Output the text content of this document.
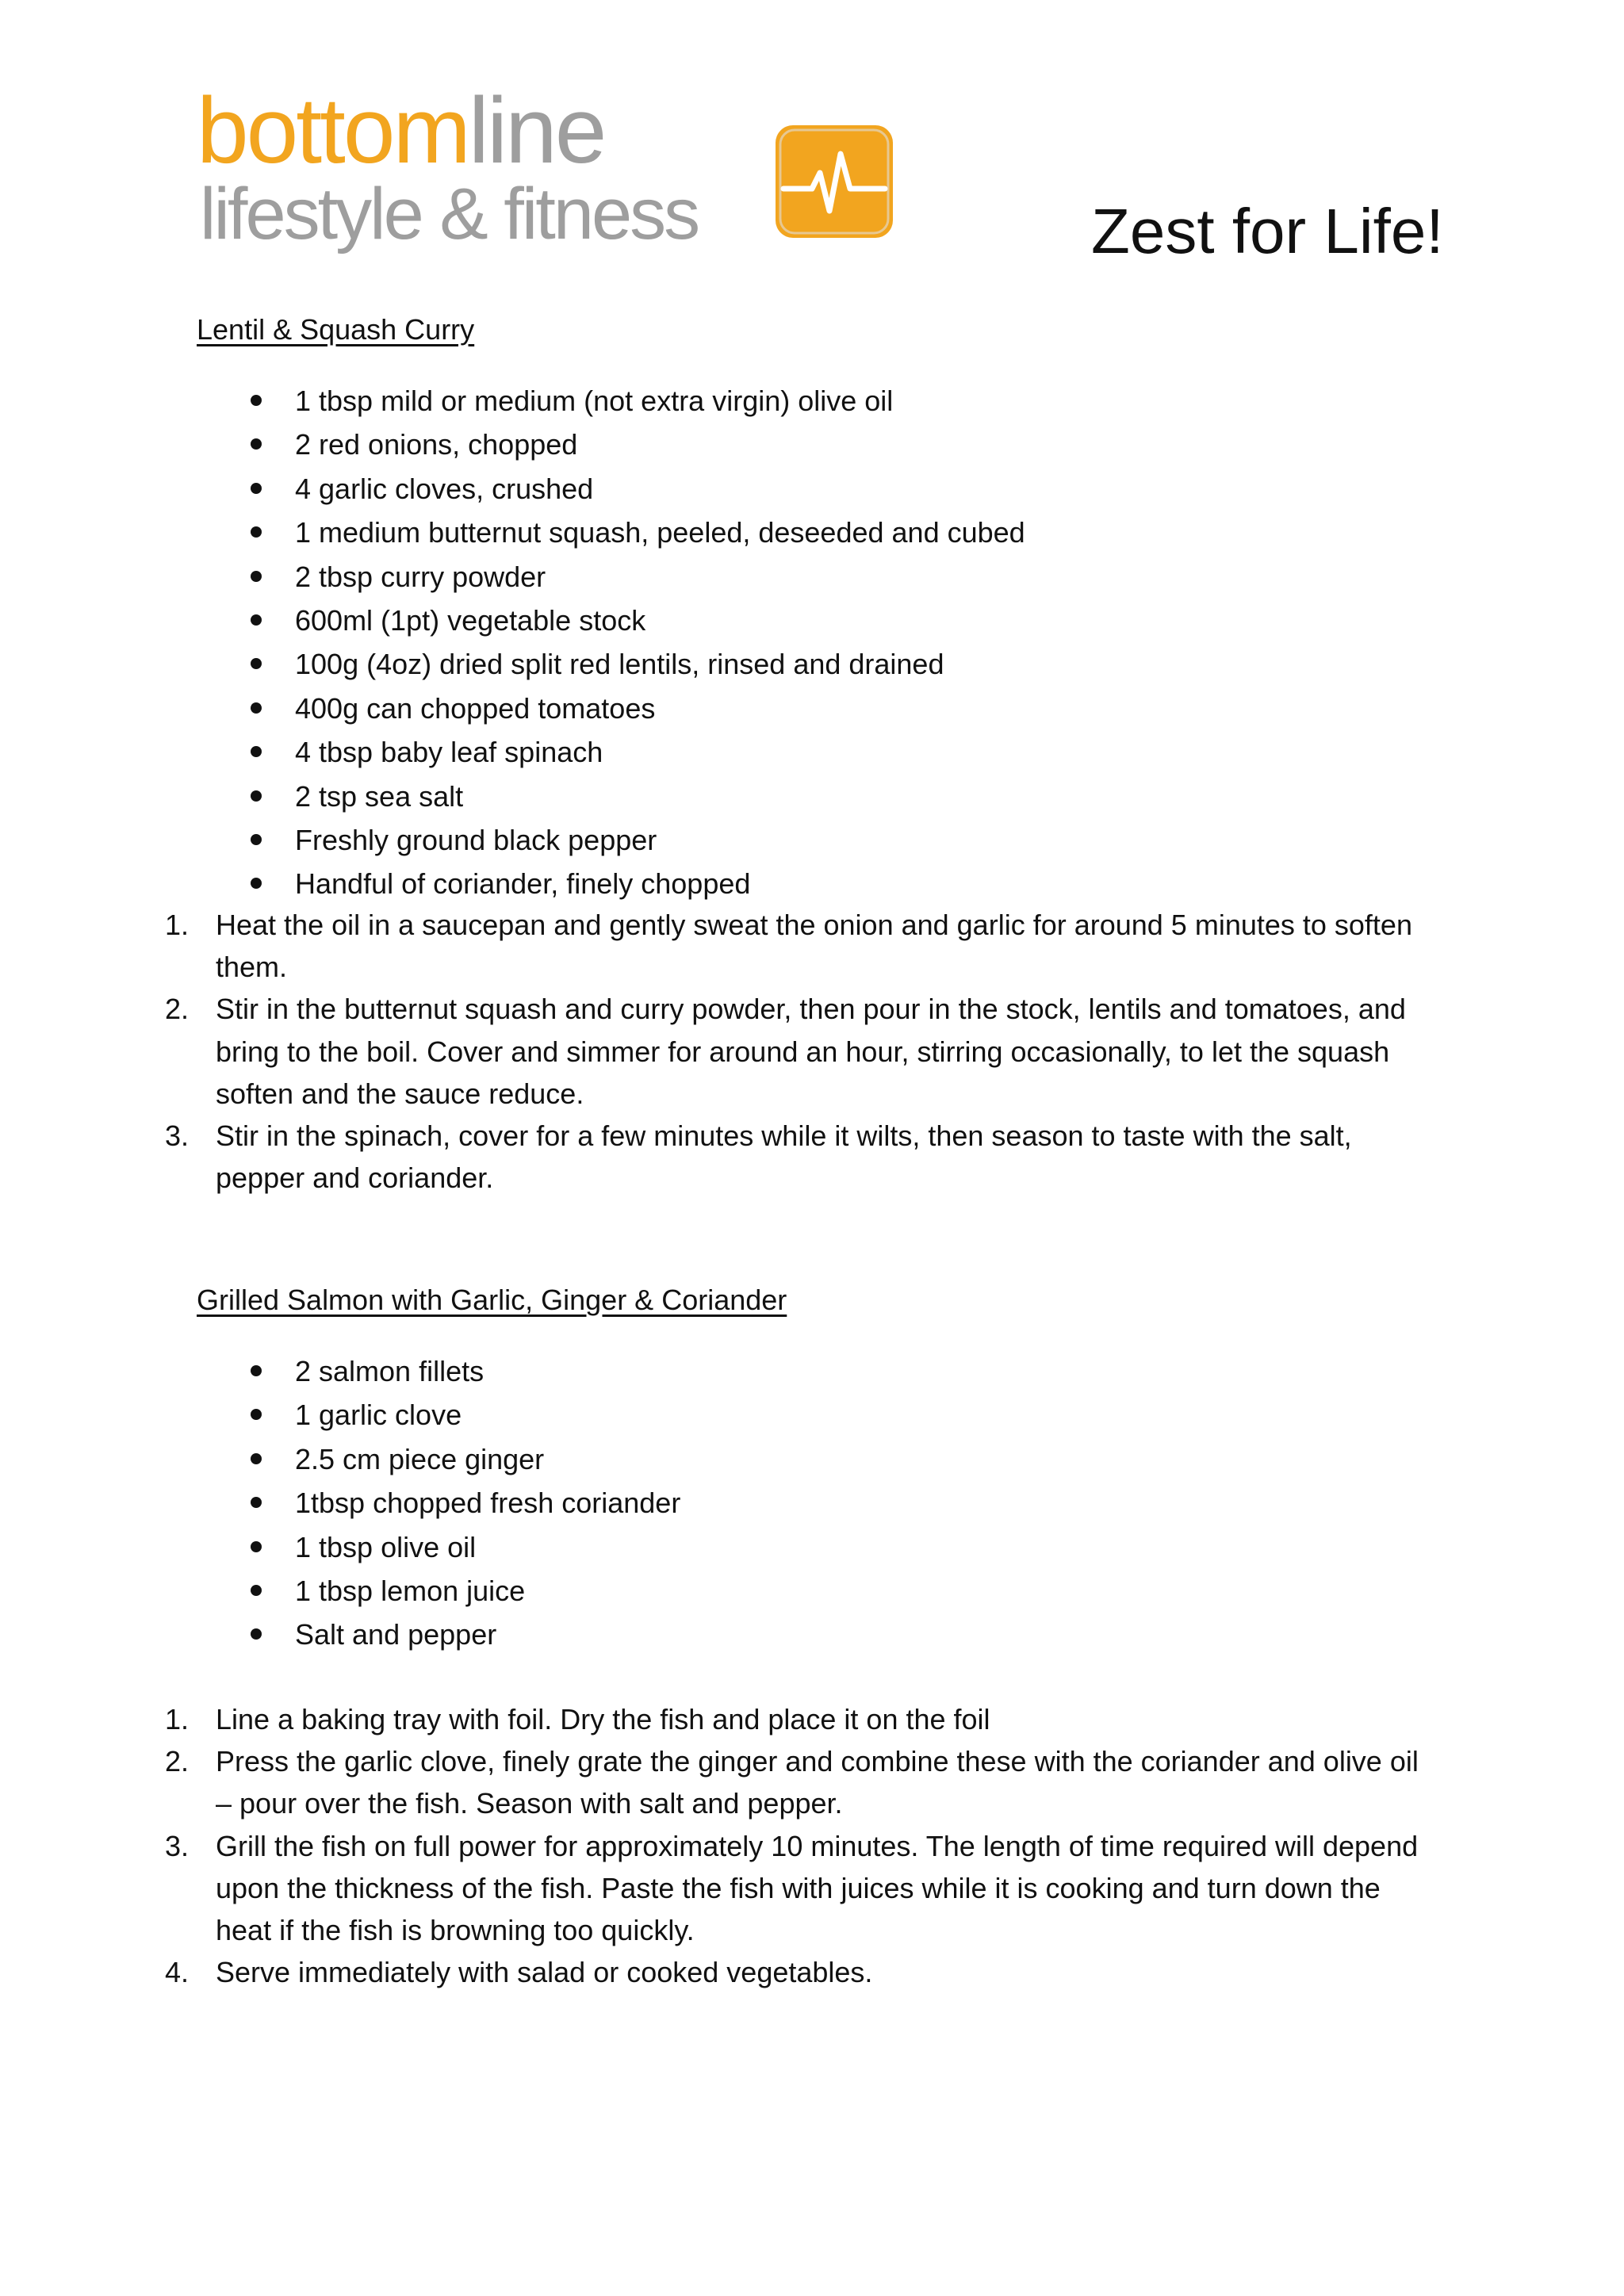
bottomline
lifestyle & fitness	Zest for Life!
Lentil & Squash Curry
1 tbsp mild or medium (not extra virgin) olive oil
2 red onions, chopped
4 garlic cloves, crushed
1 medium butternut squash, peeled, deseeded and cubed
2 tbsp curry powder
600ml (1pt) vegetable stock
100g (4oz) dried split red lentils, rinsed and drained
400g can chopped tomatoes
4 tbsp baby leaf spinach
2 tsp sea salt
Freshly ground black pepper
Handful of coriander, finely chopped
1. Heat the oil in a saucepan and gently sweat the onion and garlic for around 5 minutes to soften them.
2. Stir in the butternut squash and curry powder, then pour in the stock, lentils and tomatoes, and bring to the boil. Cover and simmer for around an hour, stirring occasionally, to let the squash soften and the sauce reduce.
3. Stir in the spinach, cover for a few minutes while it wilts, then season to taste with the salt, pepper and coriander.
Grilled Salmon with Garlic, Ginger & Coriander
2 salmon fillets
1 garlic clove
2.5 cm piece ginger
1tbsp chopped fresh coriander
1 tbsp olive oil
1 tbsp lemon juice
Salt and pepper
1. Line a baking tray with foil. Dry the fish and place it on the foil
2. Press the garlic clove, finely grate the ginger and combine these with the coriander and olive oil – pour over the fish. Season with salt and pepper.
3. Grill the fish on full power for approximately 10 minutes. The length of time required will depend upon the thickness of the fish. Paste the fish with juices while it is cooking and turn down the heat if the fish is browning too quickly.
4. Serve immediately with salad or cooked vegetables.
